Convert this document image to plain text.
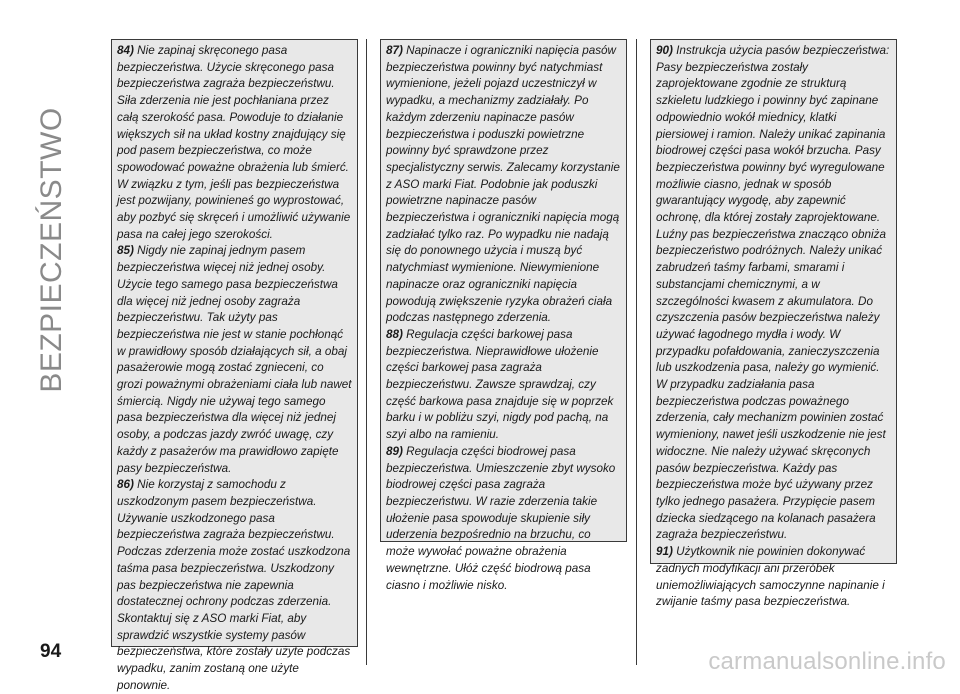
BEZPIECZEŃSTWO

84) Nie zapinaj skręconego pasa bezpieczeństwa. Użycie skręconego pasa bezpieczeństwa zagraża bezpieczeństwu. Siła zderzenia nie jest pochłaniana przez całą szerokość pasa. Powoduje to działanie większych sił na układ kostny znajdujący się pod pasem bezpieczeństwa, co może spowodować poważne obrażenia lub śmierć. W związku z tym, jeśli pas bezpieczeństwa jest pozwijany, powinieneś go wyprostować, aby pozbyć się skręceń i umożliwić używanie pasa na całej jego szerokości.

85) Nigdy nie zapinaj jednym pasem bezpieczeństwa więcej niż jednej osoby. Użycie tego samego pasa bezpieczeństwa dla więcej niż jednej osoby zagraża bezpieczeństwu. Tak użyty pas bezpieczeństwa nie jest w stanie pochłonąć w prawidłowy sposób działających sił, a obaj pasażerowie mogą zostać zgnieceni, co grozi poważnymi obrażeniami ciała lub nawet śmiercią. Nigdy nie używaj tego samego pasa bezpieczeństwa dla więcej niż jednej osoby, a podczas jazdy zwróć uwagę, czy każdy z pasażerów ma prawidłowo zapięte pasy bezpieczeństwa.

86) Nie korzystaj z samochodu z uszkodzonym pasem bezpieczeństwa. Używanie uszkodzonego pasa bezpieczeństwa zagraża bezpieczeństwu. Podczas zderzenia może zostać uszkodzona taśma pasa bezpieczeństwa. Uszkodzony pas bezpieczeństwa nie zapewnia dostatecznej ochrony podczas zderzenia. Skontaktuj się z ASO marki Fiat, aby sprawdzić wszystkie systemy pasów bezpieczeństwa, które zostały użyte podczas wypadku, zanim zostaną one użyte ponownie.

87) Napinacze i ograniczniki napięcia pasów bezpieczeństwa powinny być natychmiast wymienione, jeżeli pojazd uczestniczył w wypadku, a mechanizmy zadziałały. Po każdym zderzeniu napinacze pasów bezpieczeństwa i poduszki powietrzne powinny być sprawdzone przez specjalistyczny serwis. Zalecamy korzystanie z ASO marki Fiat. Podobnie jak poduszki powietrzne napinacze pasów bezpieczeństwa i ograniczniki napięcia mogą zadziałać tylko raz. Po wypadku nie nadają się do ponownego użycia i muszą być natychmiast wymienione. Niewymienione napinacze oraz ograniczniki napięcia powodują zwiększenie ryzyka obrażeń ciała podczas następnego zderzenia.

88) Regulacja części barkowej pasa bezpieczeństwa. Nieprawidłowe ułożenie części barkowej pasa zagraża bezpieczeństwu. Zawsze sprawdzaj, czy część barkowa pasa znajduje się w poprzek barku i w pobliżu szyi, nigdy pod pachą, na szyi albo na ramieniu.

89) Regulacja części biodrowej pasa bezpieczeństwa. Umieszczenie zbyt wysoko biodrowej części pasa zagraża bezpieczeństwu. W razie zderzenia takie ułożenie pasa spowoduje skupienie siły uderzenia bezpośrednio na brzuchu, co może wywołać poważne obrażenia wewnętrzne. Ułóż część biodrową pasa ciasno i możliwie nisko.

90) Instrukcja użycia pasów bezpieczeństwa: Pasy bezpieczeństwa zostały zaprojektowane zgodnie ze strukturą szkieletu ludzkiego i powinny być zapinane odpowiednio wokół miednicy, klatki piersiowej i ramion. Należy unikać zapinania biodrowej części pasa wokół brzucha. Pasy bezpieczeństwa powinny być wyregulowane możliwie ciasno, jednak w sposób gwarantujący wygodę, aby zapewnić ochronę, dla której zostały zaprojektowane. Luźny pas bezpieczeństwa znacząco obniża bezpieczeństwo podróżnych. Należy unikać zabrudzeń taśmy farbami, smarami i substancjami chemicznymi, a w szczególności kwasem z akumulatora. Do czyszczenia pasów bezpieczeństwa należy używać łagodnego mydła i wody. W przypadku pofałdowania, zanieczyszczenia lub uszkodzenia pasa, należy go wymienić. W przypadku zadziałania pasa bezpieczeństwa podczas poważnego zderzenia, cały mechanizm powinien zostać wymieniony, nawet jeśli uszkodzenie nie jest widoczne. Nie należy używać skręconych pasów bezpieczeństwa. Każdy pas bezpieczeństwa może być używany przez tylko jednego pasażera. Przypięcie pasem dziecka siedzącego na kolanach pasażera zagraża bezpieczeństwu.

91) Użytkownik nie powinien dokonywać żadnych modyfikacji ani przeróbek uniemożliwiających samoczynne napinanie i zwijanie taśmy pasa bezpieczeństwa.

94	carmanualsonline.info
